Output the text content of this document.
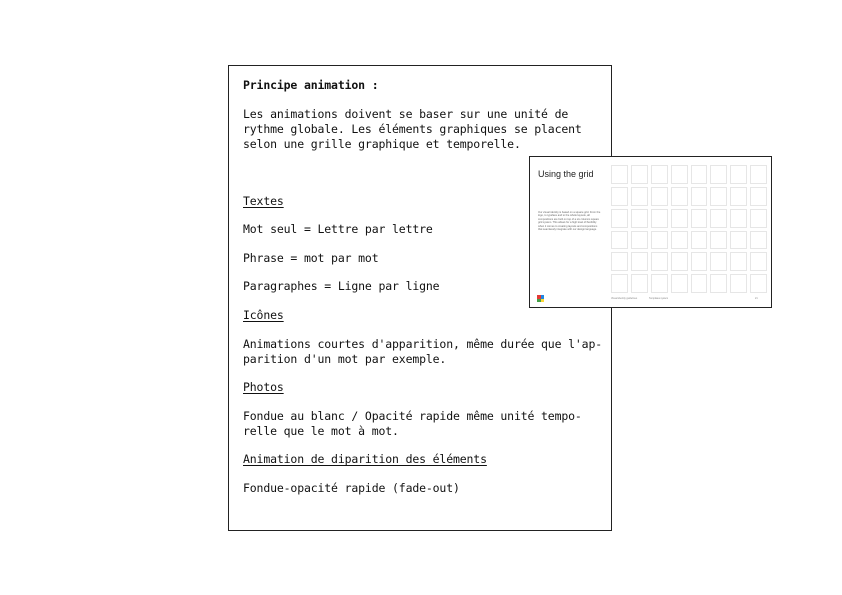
Principe animation :
Les animations doivent se baser sur une unité de
rythme globale. Les éléments graphiques se placent
selon une grille graphique et temporelle.
Textes
Mot seul = Lettre par lettre
Phrase = mot par mot
Paragraphes = Ligne par ligne
Icônes
Animations courtes d'apparition, même durée que l'ap-
parition d'un mot par exemple.
Photos
Fondue au blanc / Opacité rapide même unité tempo-
relle que le mot à mot.
Animation de diparition des éléments
Fondue-opacité rapide (fade-out)
Using the grid
Our visual identity is based on a square grid. From the logo, to typeface and to the whole layouts, all compositions are built on top of a six columns square grid system. This allows for a high level of flexibility when it comes to creating layouts and compositions that seamlessly integrate with our design language.
Visual identity guidelines	Templates system	21
